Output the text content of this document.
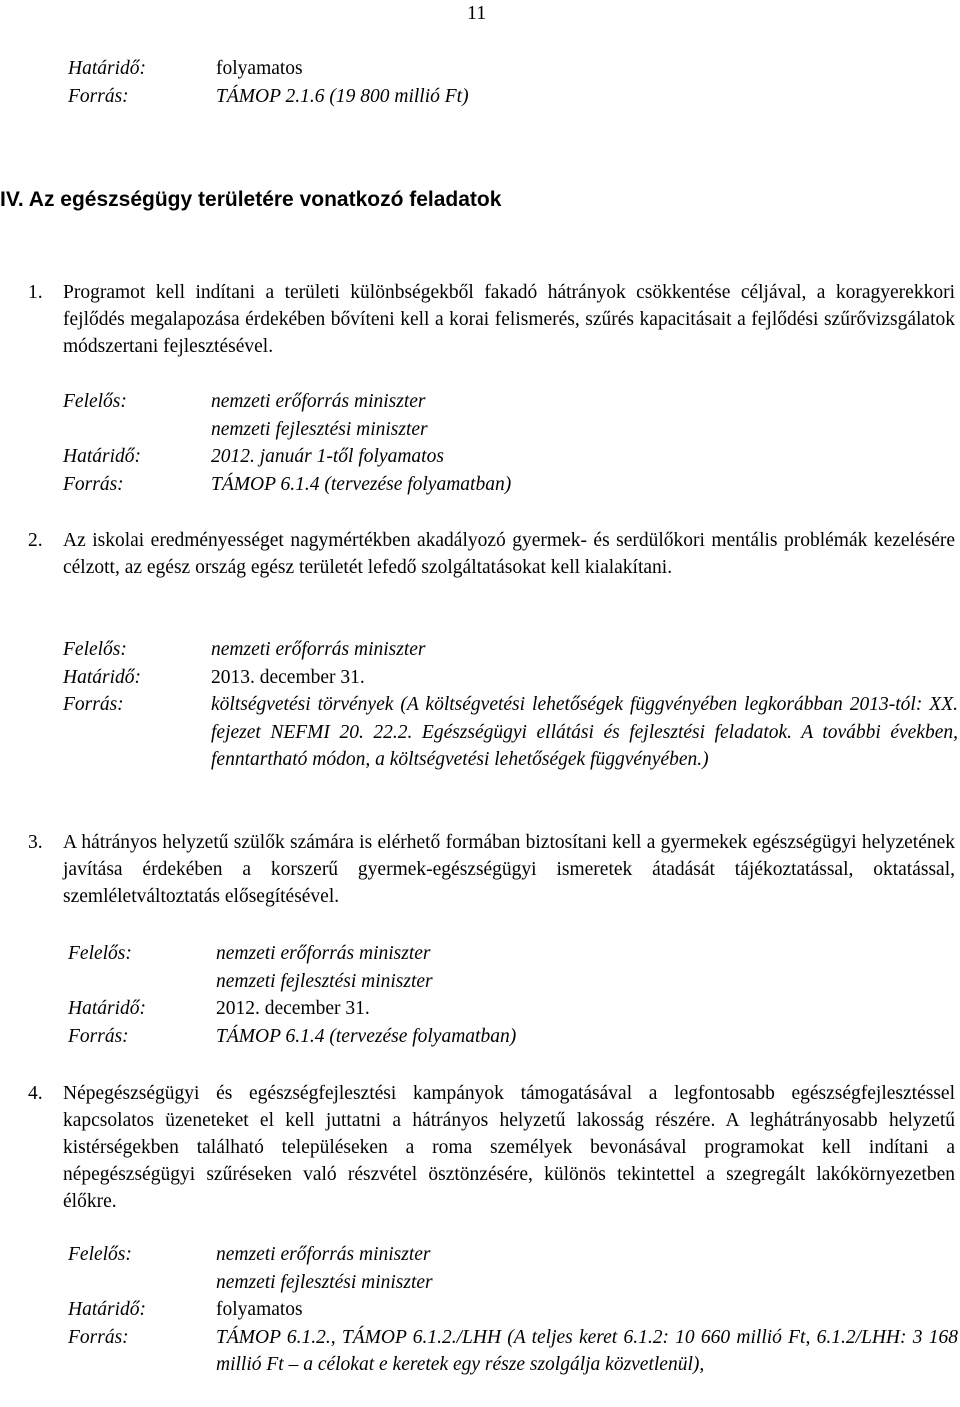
11
Határidő:	folyamatos
Forrás:	TÁMOP 2.1.6 (19 800 millió Ft)
IV. Az egészségügy területére vonatkozó feladatok
1. Programot kell indítani a területi különbségekből fakadó hátrányok csökkentése céljával, a koragyerekkori fejlődés megalapozása érdekében bővíteni kell a korai felismerés, szűrés kapacitásait a fejlődési szűrővizsgálatok módszertani fejlesztésével.
Felelős:	nemzeti erőforrás miniszter
nemzeti fejlesztési miniszter
Határidő:	2012. január 1-től folyamatos
Forrás:	TÁMOP 6.1.4 (tervezése folyamatban)
2. Az iskolai eredményességet nagymértékben akadályozó gyermek- és serdülőkori mentális problémák kezelésére célzott, az egész ország egész területét lefedő szolgáltatásokat kell kialakítani.
Felelős:	nemzeti erőforrás miniszter
Határidő:	2013. december 31.
Forrás:	költségvetési törvények (A költségvetési lehetőségek függvényében legkorábban 2013-tól: XX. fejezet NEFMI 20. 22.2. Egészségügyi ellátási és fejlesztési feladatok. A további években, fenntartható módon, a költségvetési lehetőségek függvényében.)
3. A hátrányos helyzetű szülők számára is elérhető formában biztosítani kell a gyermekek egészségügyi helyzetének javítása érdekében a korszerű gyermek-egészségügyi ismeretek átadását tájékoztatással, oktatással, szemléletváltoztatás elősegítésével.
Felelős:	nemzeti erőforrás miniszter
nemzeti fejlesztési miniszter
Határidő:	2012. december 31.
Forrás:	TÁMOP 6.1.4 (tervezése folyamatban)
4. Népegészségügyi és egészségfejlesztési kampányok támogatásával a legfontosabb egészségfejlesztéssel kapcsolatos üzeneteket el kell juttatni a hátrányos helyzetű lakosság részére. A leghátrányosabb helyzetű kistérségekben található településeken a roma személyek bevonásával programokat kell indítani a népegészségügyi szűréseken való részvétel ösztönzésére, különös tekintettel a szegregált lakókörnyezetben élőkre.
Felelős:	nemzeti erőforrás miniszter
nemzeti fejlesztési miniszter
Határidő:	folyamatos
Forrás:	TÁMOP 6.1.2., TÁMOP 6.1.2./LHH (A teljes keret 6.1.2: 10 660 millió Ft, 6.1.2/LHH: 3 168 millió Ft – a célokat e keretek egy része szolgálja közvetlenül),
